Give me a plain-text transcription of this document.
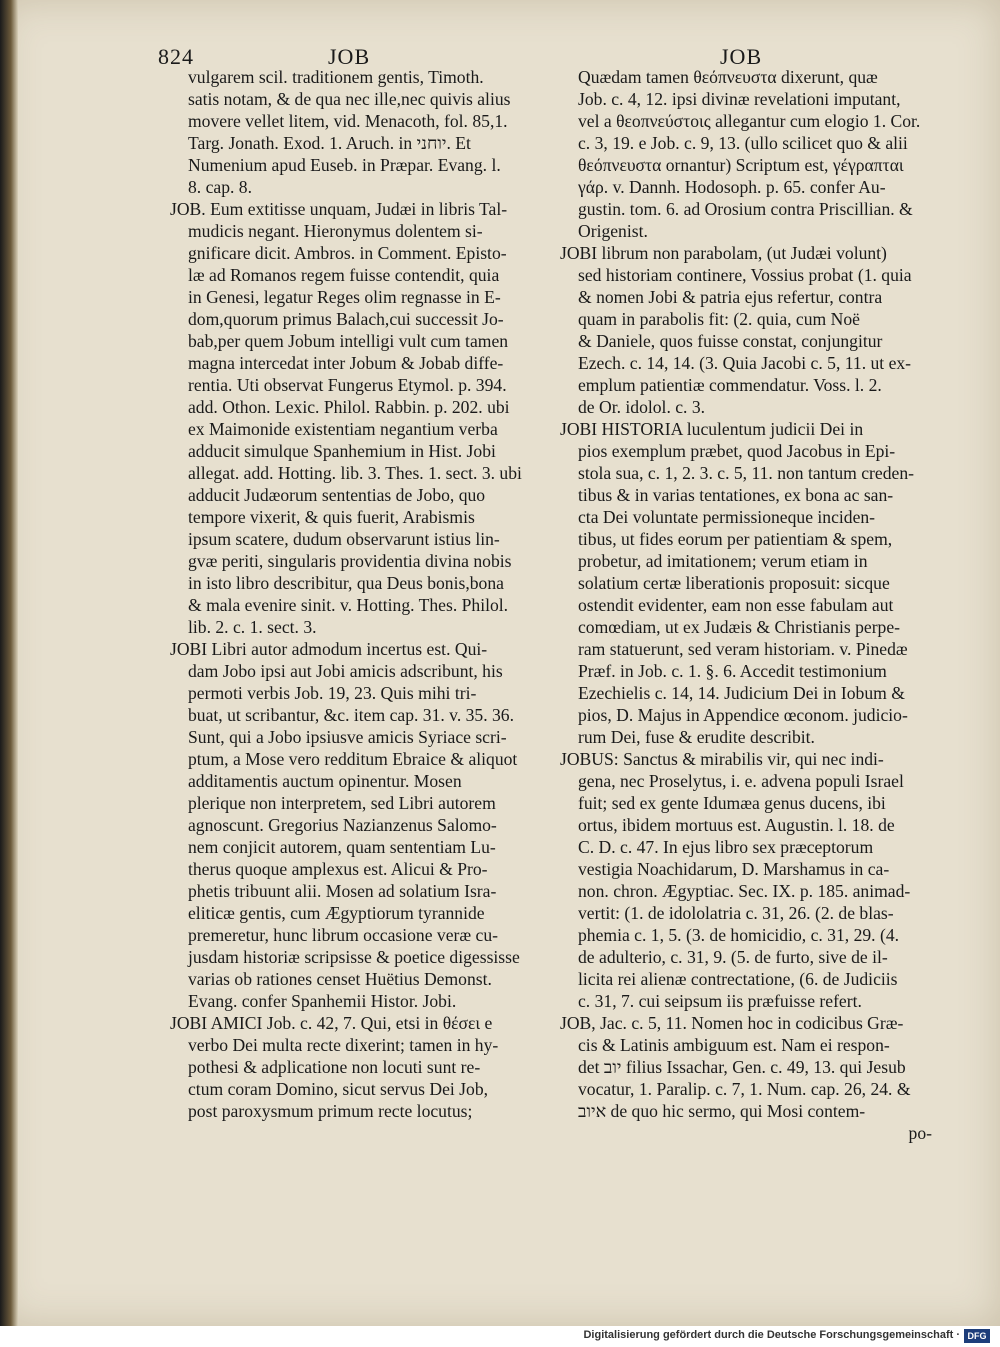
824	JOB	JOB
vulgarem scil. traditionem gentis, Timoth.
satis notam, & de qua nec ille,nec quivis alius
movere vellet litem, vid. Menacoth, fol. 85,1.
Targ. Jonath. Exod. 1. Aruch. in יוחני. Et
Numenium apud Euseb. in Præpar. Evang. l.
8. cap. 8.
JOB. Eum extitisse unquam, Judæi in libris Tal-
mudicis negant. Hieronymus dolentem si-
gnificare dicit. Ambros. in Comment. Episto-
læ ad Romanos regem fuisse contendit, quia
in Genesi, legatur Reges olim regnasse in E-
dom,quorum primus Balach,cui successit Jo-
bab,per quem Jobum intelligi vult cum tamen
magna intercedat inter Jobum & Jobab diffe-
rentia. Uti observat Fungerus Etymol. p. 394.
add. Othon. Lexic. Philol. Rabbin. p. 202. ubi
ex Maimonide existentiam negantium verba
adducit simulque Spanhemium in Hist. Jobi
allegat. add. Hotting. lib. 3. Thes. 1. sect. 3. ubi
adducit Judæorum sententias de Jobo, quo
tempore vixerit, & quis fuerit, Arabismis
ipsum scatere, dudum observarunt istius lin-
gvæ periti, singularis providentia divina nobis
in isto libro describitur, qua Deus bonis,bona
& mala evenire sinit. v. Hotting. Thes. Philol.
lib. 2. c. 1. sect. 3.
JOBI Libri autor admodum incertus est. Qui-
dam Jobo ipsi aut Jobi amicis adscribunt, his
permoti verbis Job. 19, 23. Quis mihi tri-
buat, ut scribantur, &c. item cap. 31. v. 35. 36.
Sunt, qui a Jobo ipsiusve amicis Syriace scri-
ptum, a Mose vero redditum Ebraice & aliquot
additamentis auctum opinentur. Mosen
plerique non interpretem, sed Libri autorem
agnoscunt. Gregorius Nazianzenus Salomo-
nem conjicit autorem, quam sententiam Lu-
therus quoque amplexus est. Alicui & Pro-
phetis tribuunt alii. Mosen ad solatium Isra-
eliticæ gentis, cum Ægyptiorum tyrannide
premeretur, hunc librum occasione veræ cu-
jusdam historiæ scripsisse & poetice digessisse
varias ob rationes censet Huëtius Demonst.
Evang. confer Spanhemii Histor. Jobi.
JOBI AMICI Job. c. 42, 7. Qui, etsi in θέσει e
verbo Dei multa recte dixerint; tamen in hy-
pothesi & adplicatione non locuti sunt re-
ctum coram Domino, sicut servus Dei Job,
post paroxysmum primum recte locutus;
Quædam tamen θεόπνευστα dixerunt, quæ
Job. c. 4, 12. ipsi divinæ revelationi imputant,
vel a θεοπνεύστοις allegantur cum elogio 1. Cor.
c. 3, 19. e Job. c. 9, 13. (ullo scilicet quo & alii
θεόπνευστα ornantur) Scriptum est, γέγραπται
γάρ. v. Dannh. Hodosoph. p. 65. confer Au-
gustin. tom. 6. ad Orosium contra Priscillian. &
Origenist.
JOBI librum non parabolam, (ut Judæi volunt)
sed historiam continere, Vossius probat (1. quia
& nomen Jobi & patria ejus refertur, contra
quam in parabolis fit: (2. quia, cum Noë
& Daniele, quos fuisse constat, conjungitur
Ezech. c. 14, 14. (3. Quia Jacobi c. 5, 11. ut ex-
emplum patientiæ commendatur. Voss. l. 2.
de Or. idolol. c. 3.
JOBI HISTORIA luculentum judicii Dei in
pios exemplum præbet, quod Jacobus in Epi-
stola sua, c. 1, 2. 3. c. 5, 11. non tantum creden-
tibus & in varias tentationes, ex bona ac san-
cta Dei voluntate permissioneque inciden-
tibus, ut fides eorum per patientiam & spem,
probetur, ad imitationem; verum etiam in
solatium certæ liberationis proposuit: sicque
ostendit evidenter, eam non esse fabulam aut
comœdiam, ut ex Judæis & Christianis perpe-
ram statuerunt, sed veram historiam. v. Pinedæ
Præf. in Job. c. 1. §. 6. Accedit testimonium
Ezechielis c. 14, 14. Judicium Dei in Iobum &
pios, D. Majus in Appendice œconom. judicio-
rum Dei, fuse & erudite describit.
JOBUS: Sanctus & mirabilis vir, qui nec indi-
gena, nec Proselytus, i. e. advena populi Israel
fuit; sed ex gente Idumæa genus ducens, ibi
ortus, ibidem mortuus est. Augustin. l. 18. de
C. D. c. 47. In ejus libro sex præceptorum
vestigia Noachidarum, D. Marshamus in ca-
non. chron. Ægyptiac. Sec. IX. p. 185. animad-
vertit: (1. de idololatria c. 31, 26. (2. de blas-
phemia c. 1, 5. (3. de homicidio, c. 31, 29. (4.
de adulterio, c. 31, 9. (5. de furto, sive de il-
licita rei alienæ contrectatione, (6. de Judiciis
c. 31, 7. cui seipsum iis præfuisse refert.
JOB, Jac. c. 5, 11. Nomen hoc in codicibus Græ-
cis & Latinis ambiguum est. Nam ei respon-
det יוב filius Issachar, Gen. c. 49, 13. qui Jesub
vocatur, 1. Paralip. c. 7, 1. Num. cap. 26, 24. &
איוב de quo hic sermo, qui Mosi contem-
po-
Digitalisierung gefördert durch die Deutsche Forschungsgemeinschaft · DFG
